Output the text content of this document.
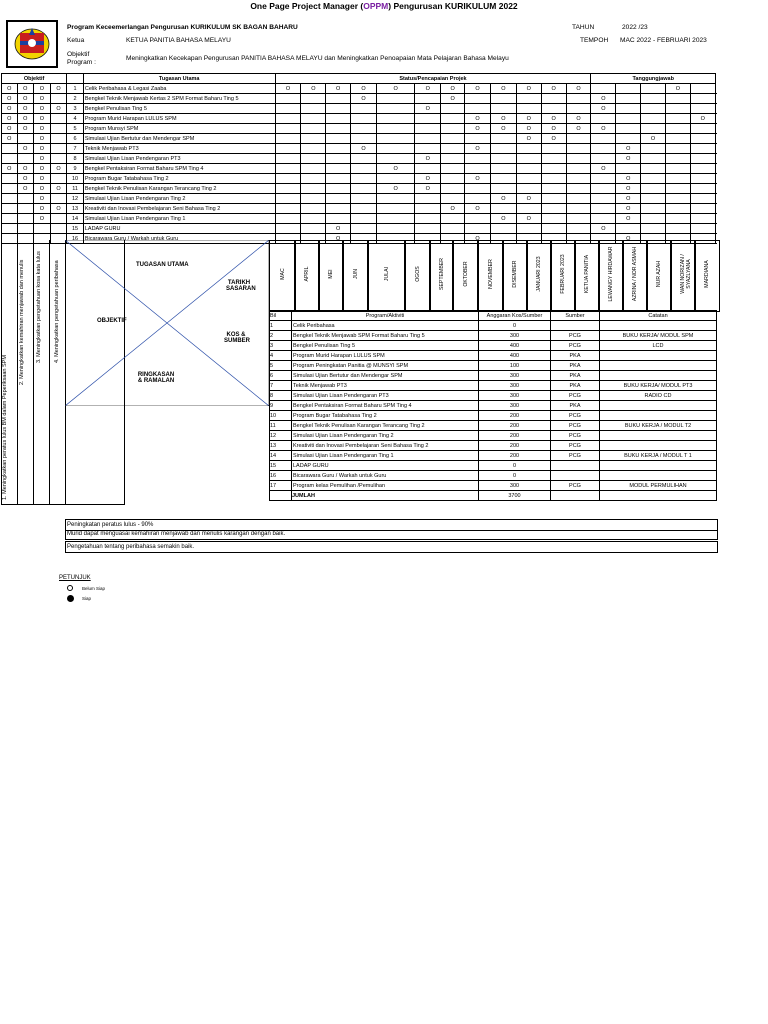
One Page Project Manager (OPPM) Pengurusan KURIKULUM 2022
Program Keceemerlangan Pengurusan KURIKULUM SK BAGAN BAHARU
Ketua	KETUA PANITIA BAHASA MELAYU
Objektif
Program :
Meningkatkan Kecekapan Pengurusan PANITIA BAHASA MELAYU dan Meningkatkan Penoapaian Mata Pelajaran Bahasa Melayu
TAHUN	2022 /23
TEMPOH MAC 2022 - FEBRUARI 2023
Objektif					Tugasan Utama	Status/Pencapaian Projek												Tanggungjawab					
O	O	O	O	1	Celik Peribahasa & Legasi Zaaba	O	O	O	O	O	O	O	O	O	O	O	O				O		
O	O	O		2	Bengkel Teknik Menjawab Kertas 2 SPM Format Baharu Ting 5				O			O						O					
O	O	O	O	3	Bengkel Penulisan Ting 5						O							O					
O	O	O		4	Program Murid Harapan LULUS SPM								O	O	O	O	O					O	
O	O	O		5	Program Munsyi SPM								O	O	O	O	O	O					
O		O		6	Simulasi Ujian Bertutur dan Mendengar SPM										O	O				O			
	O	O		7	Teknik Menjawab PT3				O				O						O				
		O		8	Simulasi Ujian Lisan Pendengaran PT3						O								O				
O	O	O	O	9	Bengkel Pentaksiran Format Baharu SPM Ting 4					O								O					
	O	O		10	Program Bugar Tatabahasa Ting 2						O		O						O				
	O	O	O	11	Bengkel Teknik Penulisan Karangan Terancang Ting 2					O	O								O				
		O		12	Simulasi Ujian Lisan Pendengaran Ting 2									O	O				O				
		O	O	13	Kreativiti dan Inovasi Pembelajaran Seni Bahasa Ting 2							O	O						O				
		O		14	Simulasi Ujian Lisan Pendengaran Ting 1									O	O				O				
				15	LADAP GURU			O										O					
				16	Bicarawara Guru / Warkah untuk Guru			O					O						O				
1. Meningkatkan peratus lulus BM dalam Peperiksaan SPM
2. Meningkatkan kemahiran menjawab dan menulis 3. Meningkatkan pengetahuan kosa kata lulus 4. Meningkatkan pengetahuan peribahasa	TUGASAN UTAMA
TARIKH SASARAN
OBJEKTIF
KOS & SUMBER
RINGKASAN & RAMALAN
MAC	APRIL	MEI	JUN	JULAI	OGOS	SEPTEMBER	OKTOBER	NOVEMBER	DISEMBER	JANUARI 2023	FEBRUARI 2023	KETUA PANITIA	LEWANGY HIRDAWAR	AZRINA / NOR ASMAH	NUR AZAH	WAN NORIZAN / SYAZLYANA MARDIANA
Bil	Program/Aktiviti	Anggaran Kos/Sumber	Sumber	Catatan
1	Celik Peribahasa	0		
2	Bengkel Teknik Menjawab SPM Format Baharu Ting 5	300	PCG	BUKU KERJA/ MODUL SPM
3	Bengkel Penulisan Ting 5	400	PCG	LCD
4	Program Murid Harapan LULUS SPM	400	PKA	
5	Program Peningkatan Panitia @ MUNSYI SPM	100	PKA	
6	Simulasi Ujian Bertutur dan Mendengar SPM	300	PKA	
7	Teknik Menjawab PT3	300	PKA	BUKU KERJA/ MODUL PT3
8	Simulasi Ujian Lisan Pendengaran PT3	300	PCG	RADIO CD
9	Bengkel Pentaksiran Format Baharu SPM Ting 4	300	PKA	
10	Program Bugar Tatabahasa Ting 2	200	PCG	
11	Bengkel Teknik Penulisan Karangan Terancang Ting 2	200	PCG	BUKU KERJA / MODUL T2
12	Simulasi Ujian Lisan Pendengaran Ting 2	200	PCG	
13	Kreativiti dan Inovasi Pembelajaran Seni Bahasa Ting 2	200	PCG	
14	Simulasi Ujian Lisan Pendengaran Ting 1	200	PCG	BUKU KERJA / MODUL T 1
15	LADAP GURU	0		
16	Bicarawara Guru / Warkah untuk Guru	0		
17	Program kelas Pemulihan /Pemulihan	300	PCG	MODUL PERMULIHAN
	JUMLAH	3700		
Peningkatan peratus lulus - 90%
Murid dapat menguasai kemahiran menjawab dan menulis karangan dengan baik.
Pengetahuan tentang peribahasa semakin baik.
PETUNJUK
Belum Siap
Siap
